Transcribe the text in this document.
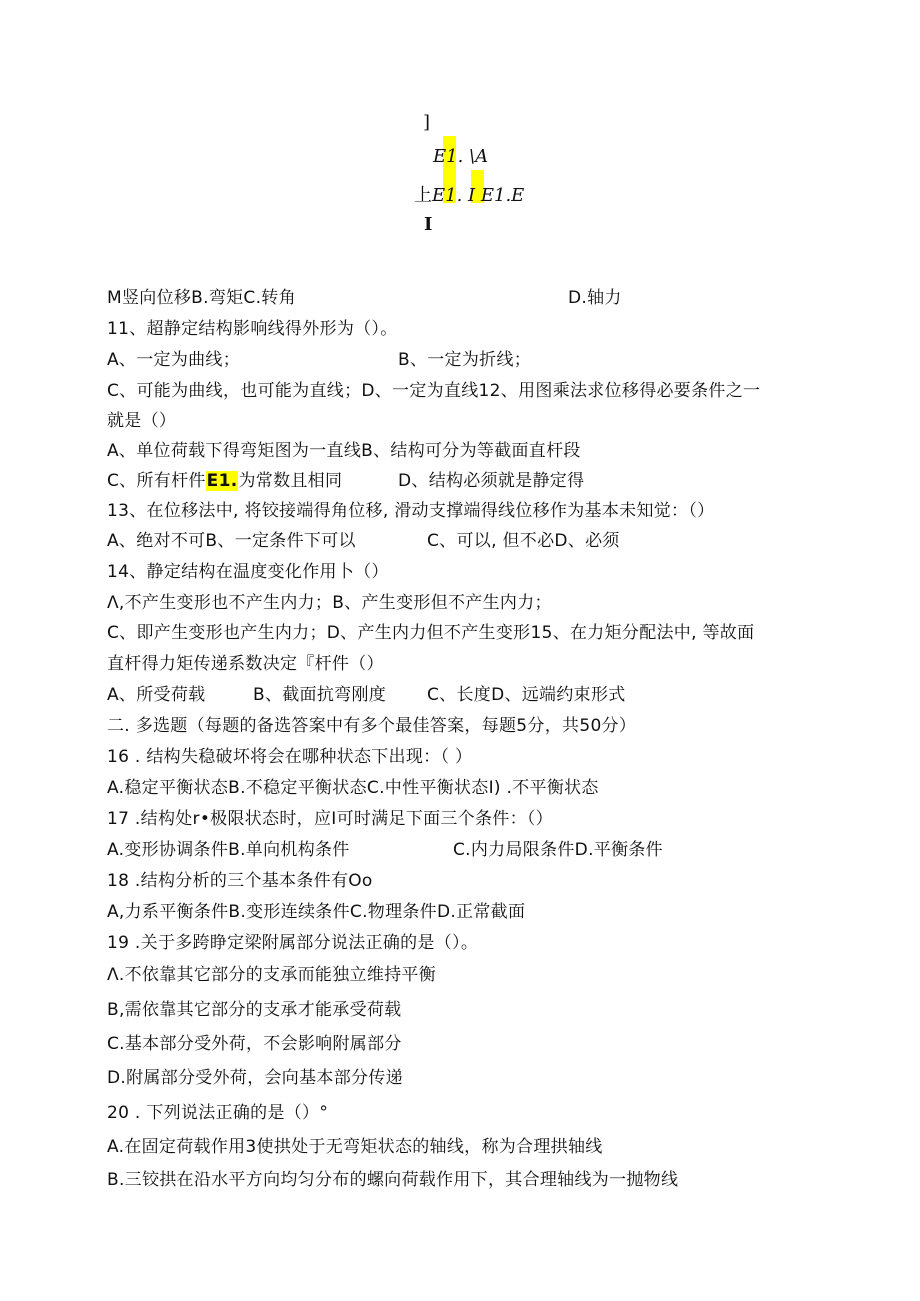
]
E1. \A
上E1. I E1.E
I
M竖向位移B.弯矩C.转角	D.轴力
11、超静定结构影响线得外形为（）。
A、一定为曲线；	B、一定为折线；
C、可能为曲线，也可能为直线；D、一定为直线12、用图乘法求位移得必要条件之一
就是（）
A、单位荷载下得弯矩图为一直线B、结构可分为等截面直杆段
C、所有杆件E1.为常数且相同	D、结构必须就是静定得
13、在位移法中, 将铰接端得角位移, 滑动支撑端得线位移作为基本未知觉：（）
A、绝对不可B、一定条件下可以	C、可以, 但不必D、必须
14、静定结构在温度变化作用卜（）
Λ,不产生变形也不产生内力；B、产生变形但不产生内力；
C、即产生变形也产生内力；D、产生内力但不产生变形15、在力矩分配法中, 等故面
直杆得力矩传递系数决定『杆件（）
A、所受荷载	B、截面抗弯刚度 C、长度D、远端约束形式
二. 多选题（每题的备选答案中有多个最佳答案，每题5分，共50分）
16 . 结构失稳破坏将会在哪种状态下出现：（ ）
A.稳定平衡状态B.不稳定平衡状态C.中性平衡状态I) .不平衡状态
17 .结构处r•极限状态时，应I可时满足下面三个条件：（）
A.变形协调条件B.单向机构条件	C.内力局限条件D.平衡条件
18 .结构分析的三个基本条件有Oo
A,力系平衡条件B.变形连续条件C.物理条件D.正常截面
19 .关于多跨睁定梁附属部分说法正确的是（）。
Λ.不依靠其它部分的支承而能独立维持平衡
B,需依靠其它部分的支承才能承受荷载
C.基本部分受外荷，不会影响附属部分
D.附属部分受外荷，会向基本部分传递
20 . 下列说法正确的是（）°
A.在固定荷载作用3使拱处于无弯矩状态的轴线，称为合理拱轴线
B.三铰拱在沿水平方向均匀分布的螺向荷载作用下，其合理轴线为一抛物线
